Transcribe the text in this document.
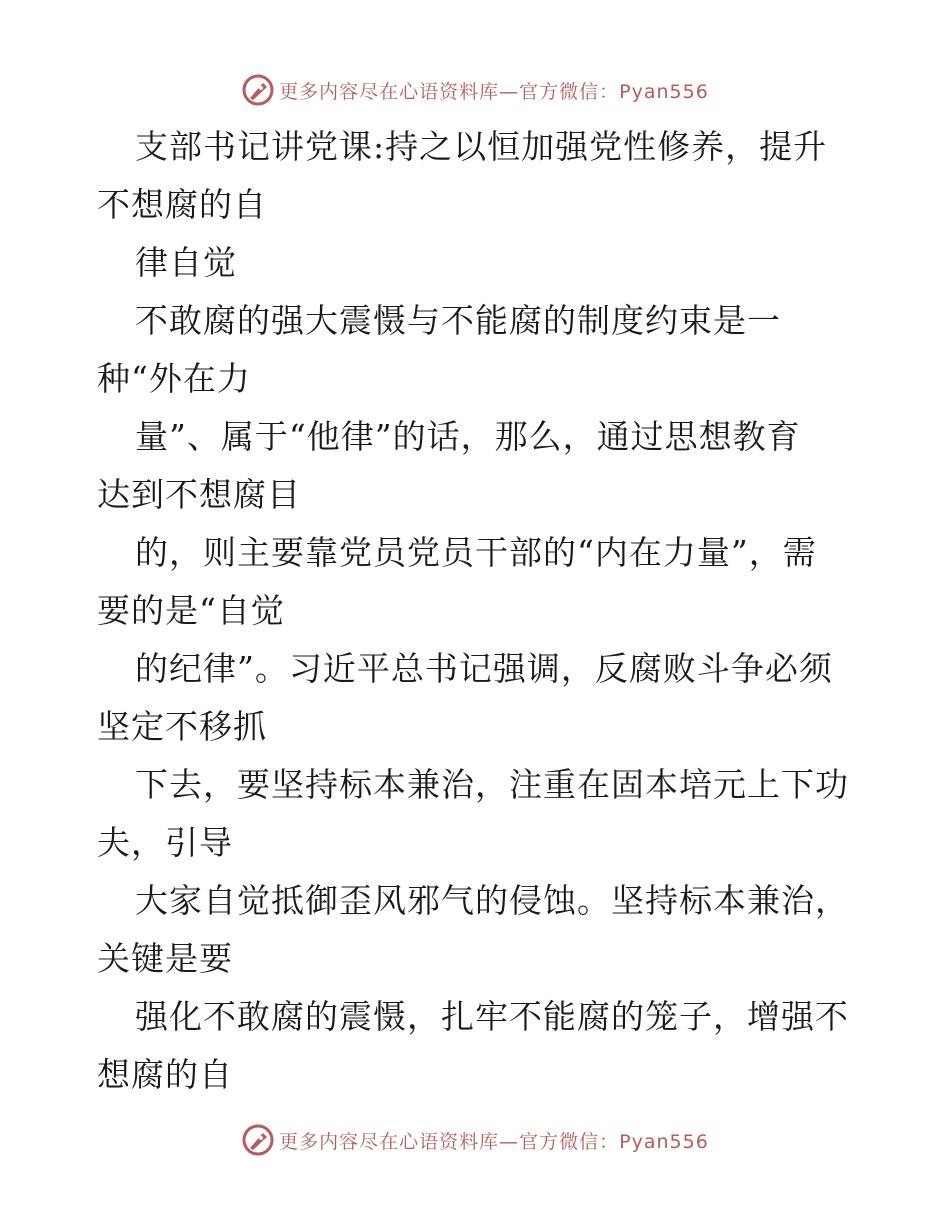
更多内容尽在心语资料库—官方微信：Pyan556
支部书记讲党课:持之以恒加强党性修养，提升
不想腐的自
律自觉
不敢腐的强大震慑与不能腐的制度约束是一
种“外在力
量”、属于“他律”的话，那么，通过思想教育
达到不想腐目
的，则主要靠党员党员干部的“内在力量”，需
要的是“自觉
的纪律”。习近平总书记强调，反腐败斗争必须
坚定不移抓
下去，要坚持标本兼治，注重在固本培元上下功
夫，引导
大家自觉抵御歪风邪气的侵蚀。坚持标本兼治，
关键是要
强化不敢腐的震慑，扎牢不能腐的笼子，增强不
想腐的自
更多内容尽在心语资料库—官方微信：Pyan556
